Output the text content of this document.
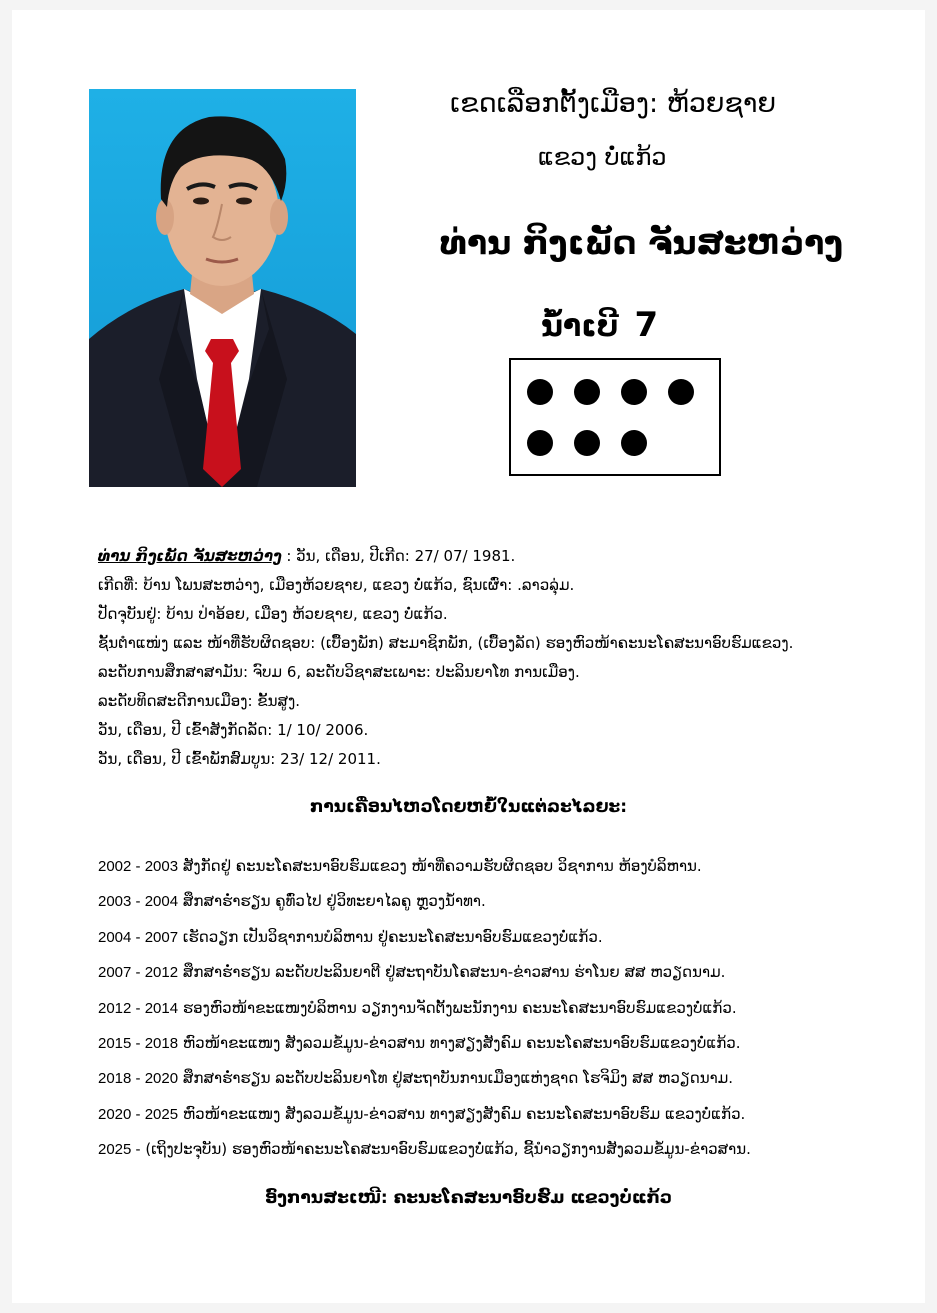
ເຂດເລືອກຕັ້ງເມືອງ: ຫ້ວຍຊາຍ
ແຂວງ ບໍ່ແກ້ວ
ທ່ານ ກິງເພັດ ຈັນສະຫວ່າງ
ນໍ້າເບີ 7
ທ່ານ ກິງເພັດ ຈັນສະຫວ່າງ : ວັນ, ເດືອນ, ປີເກີດ: 27/ 07/ 1981.
ເກີດທີ່: ບ້ານ ໂພນສະຫວ່າງ, ເມືອງຫ້ວຍຊາຍ, ແຂວງ ບໍ່ແກ້ວ, ຊົນເຜົ່າ: .ລາວລຸ່ມ.
ປັດຈຸບັນຢູ່: ບ້ານ ປ່າອ້ອຍ, ເມືອງ ຫ້ວຍຊາຍ, ແຂວງ ບໍ່ແກ້ວ.
ຊັ້ນຕໍາແໜ່ງ ແລະ ໜ້າທີ່ຮັບຜິດຊອບ: (ເບື້ອງພັກ) ສະມາຊິກພັກ, (ເບື້ອງລັດ) ຮອງຫົວໜ້າຄະນະໂຄສະນາອົບຮົມແຂວງ.
ລະດັບການສຶກສາສາມັນ: ຈົບມ 6, ລະດັບວິຊາສະເພາະ: ປະລິນຍາໂທ ການເມືອງ.
ລະດັບທິດສະດີການເມືອງ: ຂັ້ນສູງ.
ວັນ, ເດືອນ, ປີ ເຂົ້າສັງກັດລັດ: 1/ 10/ 2006.
ວັນ, ເດືອນ, ປີ ເຂົ້າພັກສົມບູນ: 23/ 12/ 2011.
ການເຄື່ອນໄຫວໂດຍຫຍໍ້ໃນແຕ່ລະໄລຍະ:
2002 - 2003 ສັງກັດຢູ່ ຄະນະໂຄສະນາອົບຮົມແຂວງ ໜ້າທີ່ຄວາມຮັບຜິດຊອບ ວິຊາການ ຫ້ອງບໍລິຫານ.
2003 - 2004 ສຶກສາຮໍ່າຮຽນ ຄູທົ່ວໄປ ຢູ່ວິທະຍາໄລຄູ ຫຼວງນໍ້າທາ.
2004 - 2007 ເຮັດວຽກ ເປັນວິຊາການບໍລິຫານ ຢູ່ຄະນະໂຄສະນາອົບຮົມແຂວງບໍ່ແກ້ວ.
2007 - 2012 ສຶກສາຮໍ່າຮຽນ ລະດັບປະລິນຍາຕີ ຢູ່ສະຖາບັນໂຄສະນາ-ຂ່າວສານ ຮ່າໂນຍ ສສ ຫວຽດນາມ.
2012 - 2014 ຮອງຫົວໜ້າຂະແໜງບໍລິຫານ ວຽກງານຈັດຕັ້ງພະນັກງານ ຄະນະໂຄສະນາອົບຮົມແຂວງບໍ່ແກ້ວ.
2015 - 2018 ຫົວໜ້າຂະແໜງ ສັງລວມຂໍ້ມູນ-ຂ່າວສານ ທາງສຽງສັງຄົມ ຄະນະໂຄສະນາອົບຮົມແຂວງບໍ່ແກ້ວ.
2018 - 2020 ສຶກສາຮໍ່າຮຽນ ລະດັບປະລິນຍາໂທ ຢູ່ສະຖາບັນການເມືອງແຫ່ງຊາດ ໂຮຈິມິງ ສສ ຫວຽດນາມ.
2020 - 2025 ຫົວໜ້າຂະແໜງ ສັງລວມຂໍ້ມູນ-ຂ່າວສານ ທາງສຽງສັງຄົມ ຄະນະໂຄສະນາອົບຮົມ ແຂວງບໍ່ແກ້ວ.
2025 - (ເຖິງປະຈຸບັນ) ຮອງຫົວໜ້າຄະນະໂຄສະນາອົບຮົມແຂວງບໍ່ແກ້ວ, ຊີ້ນໍາວຽກງານສັງລວມຂໍ້ມູນ-ຂ່າວສານ.
ອົງການສະເໜີ: ຄະນະໂຄສະນາອົບຮົມ ແຂວງບໍ່ແກ້ວ
